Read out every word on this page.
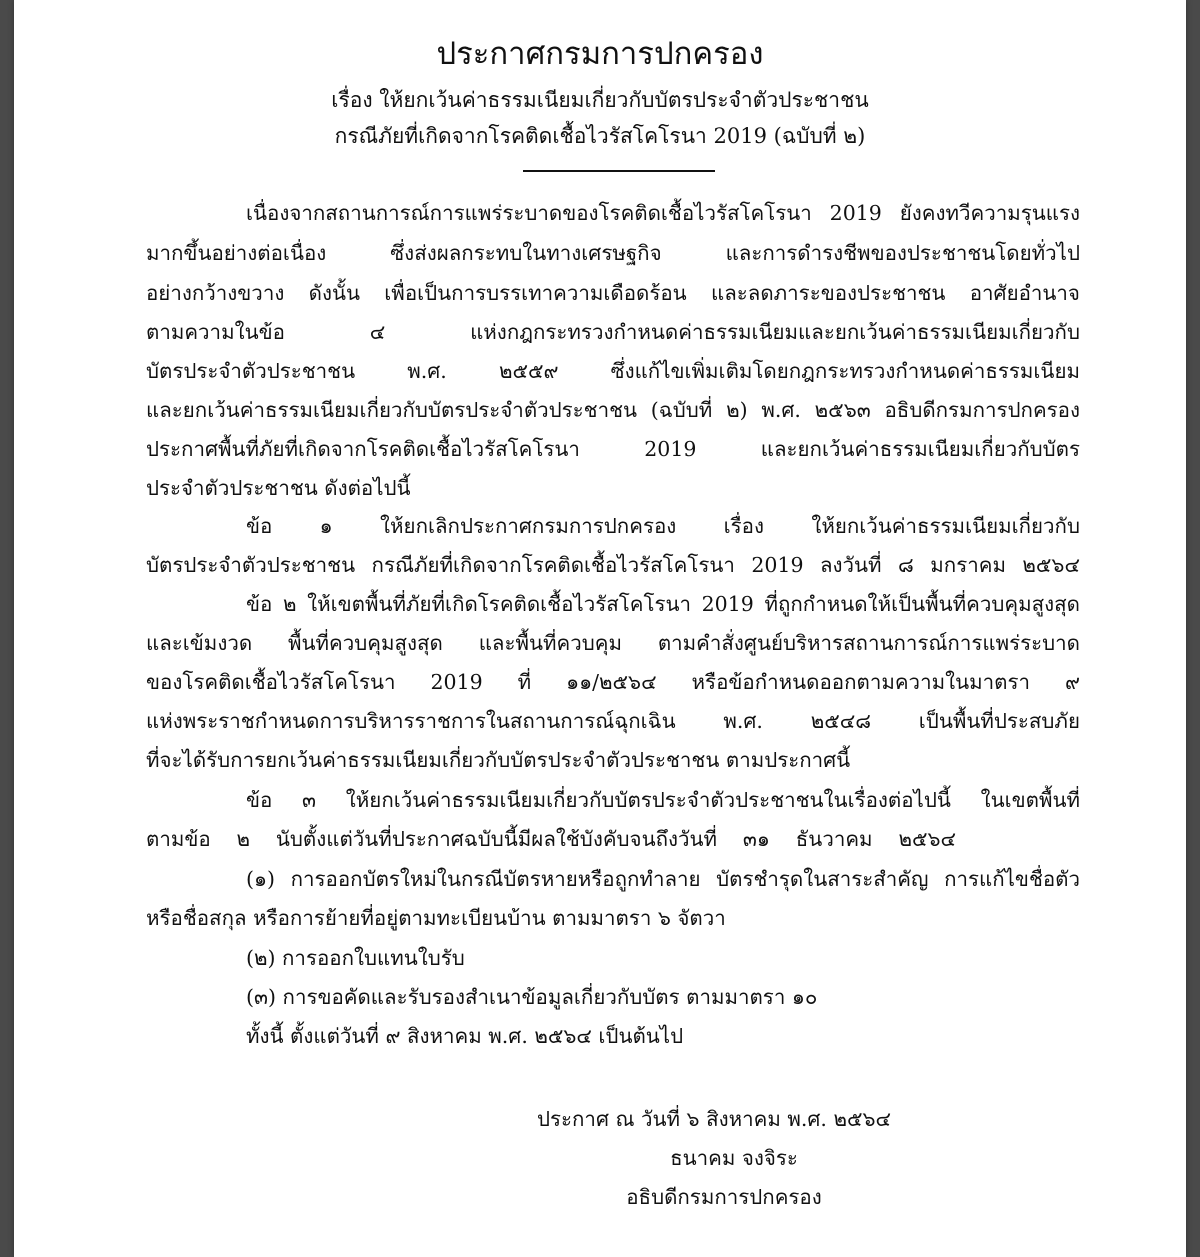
ประกาศกรมการปกครอง
เรื่อง ให้ยกเว้นค่าธรรมเนียมเกี่ยวกับบัตรประจำตัวประชาชน
กรณีภัยที่เกิดจากโรคติดเชื้อไวรัสโคโรนา 2019 (ฉบับที่ ๒)
เนื่องจากสถานการณ์การแพร่ระบาดของโรคติดเชื้อไวรัสโคโรนา 2019 ยังคงทวีความรุนแรง
มากขึ้นอย่างต่อเนื่อง	ซึ่งส่งผลกระทบในทางเศรษฐกิจ	และการดำรงชีพของประชาชนโดยทั่วไป
อย่างกว้างขวาง ดังนั้น เพื่อเป็นการบรรเทาความเดือดร้อน และลดภาระของประชาชน อาศัยอำนาจ
ตามความในข้อ	๔	แห่งกฎกระทรวงกำหนดค่าธรรมเนียมและยกเว้นค่าธรรมเนียมเกี่ยวกับ
บัตรประจำตัวประชาชน	พ.ศ.	๒๕๕๙	ซึ่งแก้ไขเพิ่มเติมโดยกฎกระทรวงกำหนดค่าธรรมเนียม
และยกเว้นค่าธรรมเนียมเกี่ยวกับบัตรประจำตัวประชาชน (ฉบับที่ ๒) พ.ศ. ๒๕๖๓ อธิบดีกรมการปกครอง
ประกาศพื้นที่ภัยที่เกิดจากโรคติดเชื้อไวรัสโคโรนา	2019	และยกเว้นค่าธรรมเนียมเกี่ยวกับบัตร
ประจำตัวประชาชน ดังต่อไปนี้
ข้อ ๑ ให้ยกเลิกประกาศกรมการปกครอง เรื่อง ให้ยกเว้นค่าธรรมเนียมเกี่ยวกับ
บัตรประจำตัวประชาชน กรณีภัยที่เกิดจากโรคติดเชื้อไวรัสโคโรนา 2019 ลงวันที่ ๘ มกราคม ๒๕๖๔
ข้อ ๒ ให้เขตพื้นที่ภัยที่เกิดโรคติดเชื้อไวรัสโคโรนา 2019 ที่ถูกกำหนดให้เป็นพื้นที่ควบคุมสูงสุด
และเข้มงวด พื้นที่ควบคุมสูงสุด และพื้นที่ควบคุม ตามคำสั่งศูนย์บริหารสถานการณ์การแพร่ระบาด
ของโรคติดเชื้อไวรัสโคโรนา 2019 ที่ ๑๑/๒๕๖๔ หรือข้อกำหนดออกตามความในมาตรา ๙
แห่งพระราชกำหนดการบริหารราชการในสถานการณ์ฉุกเฉิน พ.ศ. ๒๕๔๘ เป็นพื้นที่ประสบภัย
ที่จะได้รับการยกเว้นค่าธรรมเนียมเกี่ยวกับบัตรประจำตัวประชาชน ตามประกาศนี้
ข้อ ๓ ให้ยกเว้นค่าธรรมเนียมเกี่ยวกับบัตรประจำตัวประชาชนในเรื่องต่อไปนี้ ในเขตพื้นที่
ตามข้อ ๒ นับตั้งแต่วันที่ประกาศฉบับนี้มีผลใช้บังคับจนถึงวันที่ ๓๑ ธันวาคม ๒๕๖๔
(๑) การออกบัตรใหม่ในกรณีบัตรหายหรือถูกทำลาย บัตรชำรุดในสาระสำคัญ การแก้ไขชื่อตัว
หรือชื่อสกุล หรือการย้ายที่อยู่ตามทะเบียนบ้าน ตามมาตรา ๖ จัตวา
(๒) การออกใบแทนใบรับ
(๓) การขอคัดและรับรองสำเนาข้อมูลเกี่ยวกับบัตร ตามมาตรา ๑๐
ทั้งนี้ ตั้งแต่วันที่ ๙ สิงหาคม พ.ศ. ๒๕๖๔ เป็นต้นไป
ประกาศ ณ วันที่ ๖ สิงหาคม พ.ศ. ๒๕๖๔
ธนาคม จงจิระ
อธิบดีกรมการปกครอง
